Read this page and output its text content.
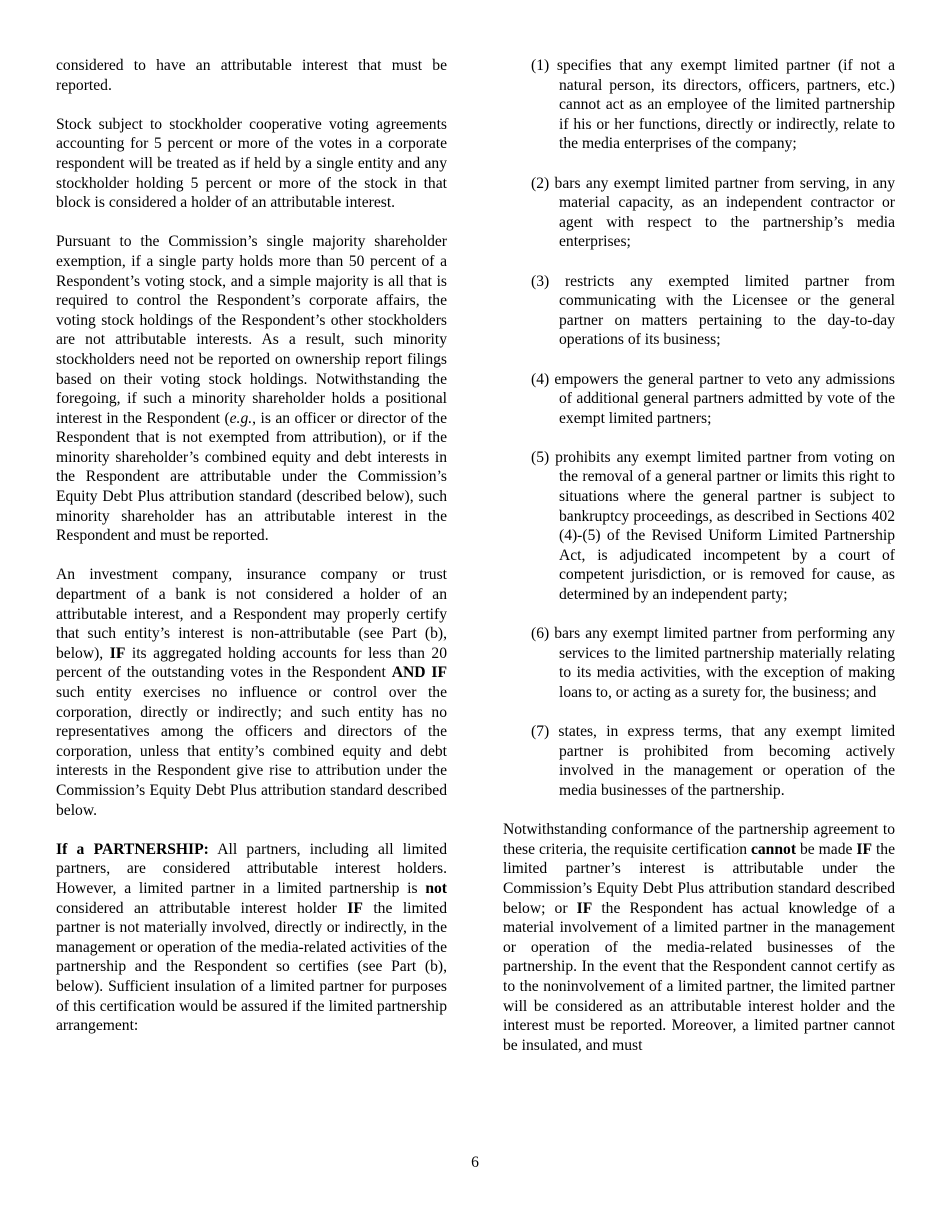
considered to have an attributable interest that must be reported.

Stock subject to stockholder cooperative voting agreements accounting for 5 percent or more of the votes in a corporate respondent will be treated as if held by a single entity and any stockholder holding 5 percent or more of the stock in that block is considered a holder of an attributable interest.

Pursuant to the Commission’s single majority shareholder exemption, if a single party holds more than 50 percent of a Respondent’s voting stock, and a simple majority is all that is required to control the Respondent’s corporate affairs, the voting stock holdings of the Respondent’s other stockholders are not attributable interests. As a result, such minority stockholders need not be reported on ownership report filings based on their voting stock holdings. Notwithstanding the foregoing, if such a minority shareholder holds a positional interest in the Respondent (e.g., is an officer or director of the Respondent that is not exempted from attribution), or if the minority shareholder’s combined equity and debt interests in the Respondent are attributable under the Commission’s Equity Debt Plus attribution standard (described below), such minority shareholder has an attributable interest in the Respondent and must be reported.

An investment company, insurance company or trust department of a bank is not considered a holder of an attributable interest, and a Respondent may properly certify that such entity’s interest is non-attributable (see Part (b), below), IF its aggregated holding accounts for less than 20 percent of the outstanding votes in the Respondent AND IF such entity exercises no influence or control over the corporation, directly or indirectly; and such entity has no representatives among the officers and directors of the corporation, unless that entity’s combined equity and debt interests in the Respondent give rise to attribution under the Commission’s Equity Debt Plus attribution standard described below.

If a PARTNERSHIP: All partners, including all limited partners, are considered attributable interest holders. However, a limited partner in a limited partnership is not considered an attributable interest holder IF the limited partner is not materially involved, directly or indirectly, in the management or operation of the media-related activities of the partnership and the Respondent so certifies (see Part (b), below). Sufficient insulation of a limited partner for purposes of this certification would be assured if the limited partnership arrangement:

(1) specifies that any exempt limited partner (if not a natural person, its directors, officers, partners, etc.) cannot act as an employee of the limited partnership if his or her functions, directly or indirectly, relate to the media enterprises of the company;
(2) bars any exempt limited partner from serving, in any material capacity, as an independent contractor or agent with respect to the partnership’s media enterprises;
(3) restricts any exempted limited partner from communicating with the Licensee or the general partner on matters pertaining to the day-to-day operations of its business;
(4) empowers the general partner to veto any admissions of additional general partners admitted by vote of the exempt limited partners;
(5) prohibits any exempt limited partner from voting on the removal of a general partner or limits this right to situations where the general partner is subject to bankruptcy proceedings, as described in Sections 402 (4)-(5) of the Revised Uniform Limited Partnership Act, is adjudicated incompetent by a court of competent jurisdiction, or is removed for cause, as determined by an independent party;
(6) bars any exempt limited partner from performing any services to the limited partnership materially relating to its media activities, with the exception of making loans to, or acting as a surety for, the business; and
(7) states, in express terms, that any exempt limited partner is prohibited from becoming actively involved in the management or operation of the media businesses of the partnership.

Notwithstanding conformance of the partnership agreement to these criteria, the requisite certification cannot be made IF the limited partner’s interest is attributable under the Commission’s Equity Debt Plus attribution standard described below; or IF the Respondent has actual knowledge of a material involvement of a limited partner in the management or operation of the media-related businesses of the partnership. In the event that the Respondent cannot certify as to the noninvolvement of a limited partner, the limited partner will be considered as an attributable interest holder and the interest must be reported. Moreover, a limited partner cannot be insulated, and must

6
